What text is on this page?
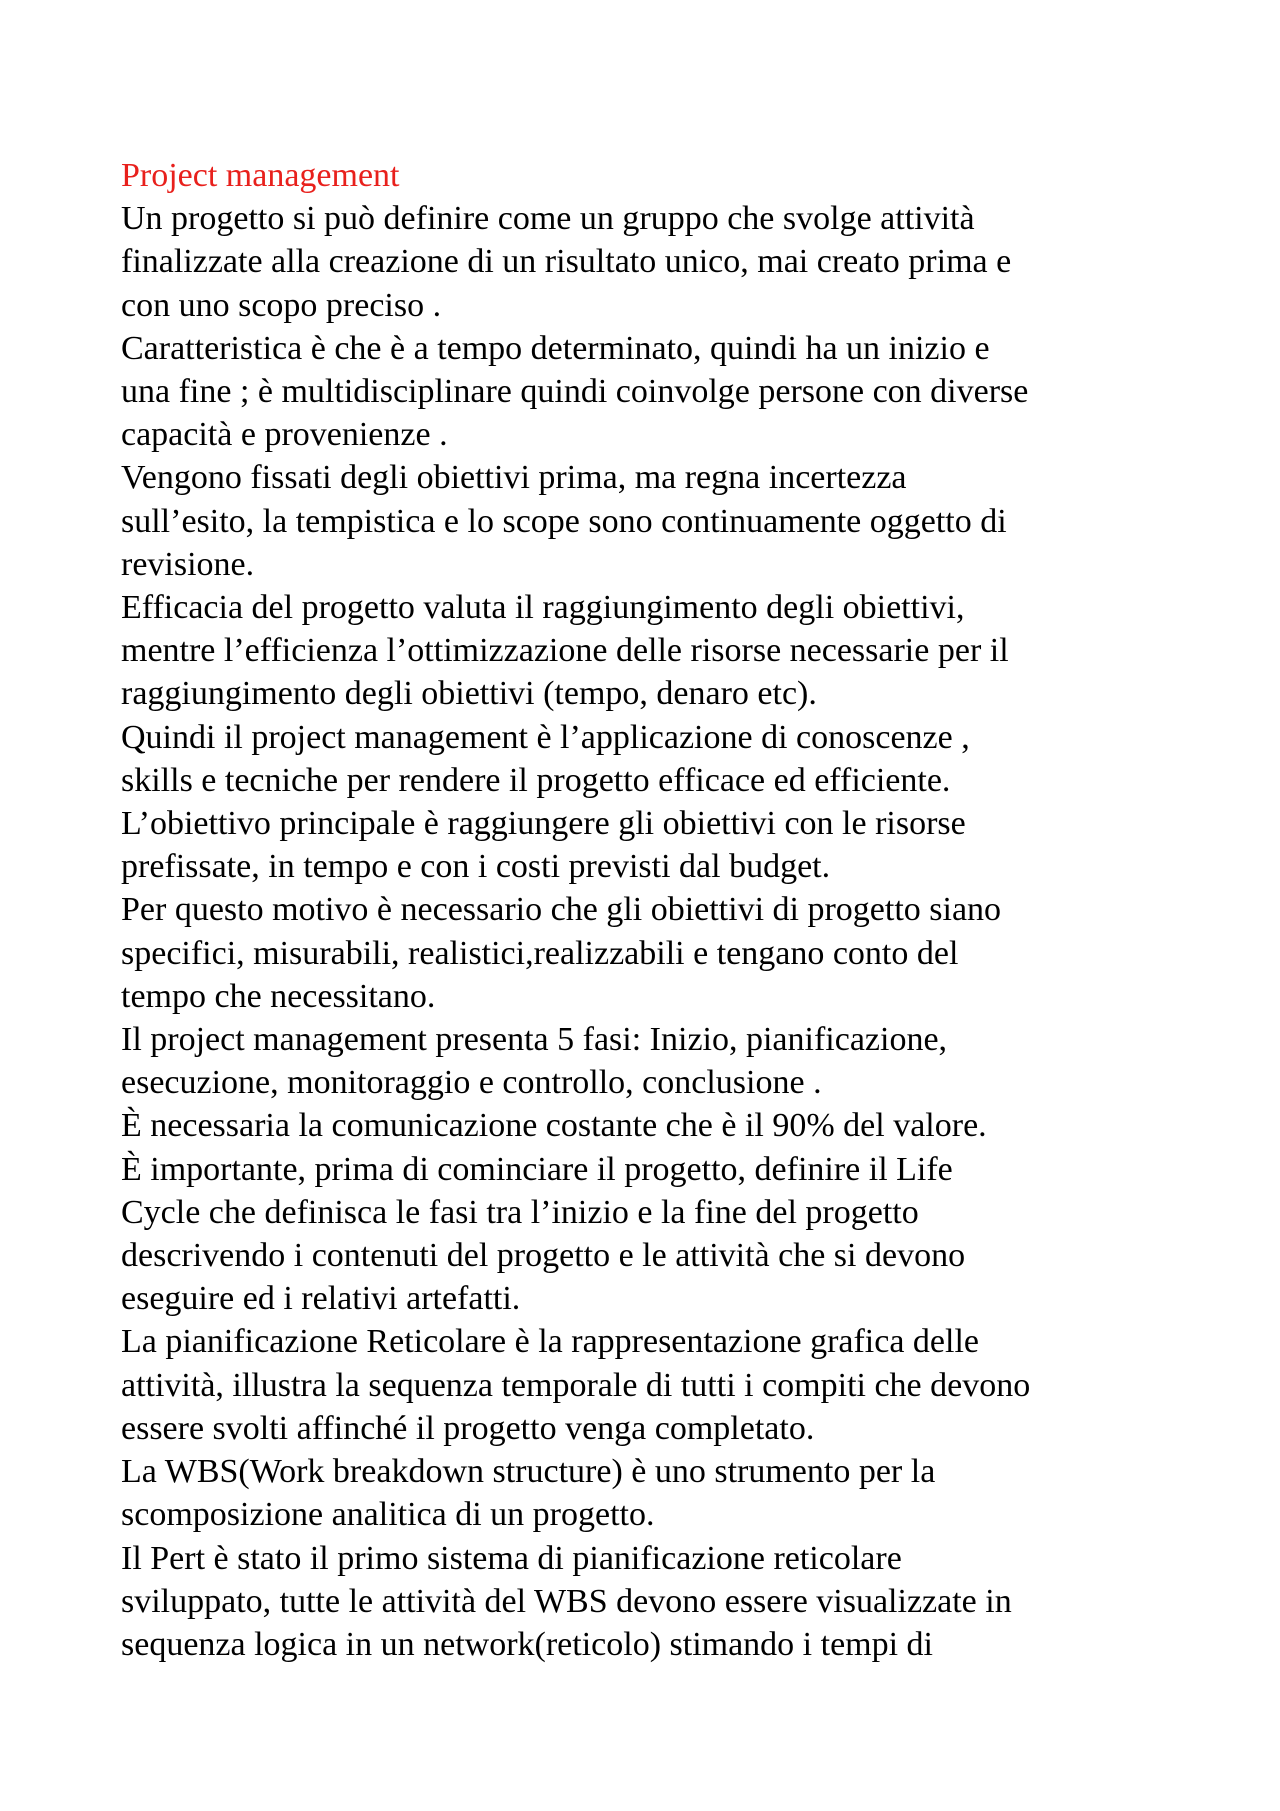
Project management

Un progetto si può definire come un gruppo che svolge attività
finalizzate alla creazione di un risultato unico, mai creato prima e
con uno scopo preciso .

Caratteristica è che è a tempo determinato, quindi ha un inizio e
una fine ; è multidisciplinare quindi coinvolge persone con diverse
capacità e provenienze .

Vengono fissati degli obiettivi prima, ma regna incertezza
sull’esito, la tempistica e lo scope sono continuamente oggetto di
revisione.

Efficacia del progetto valuta il raggiungimento degli obiettivi,
mentre l’efficienza l’ottimizzazione delle risorse necessarie per il
raggiungimento degli obiettivi (tempo, denaro etc).

Quindi il project management è l’applicazione di conoscenze ,
skills e tecniche per rendere il progetto efficace ed efficiente.

L’obiettivo principale è raggiungere gli obiettivi con le risorse
prefissate, in tempo e con i costi previsti dal budget.

Per questo motivo è necessario che gli obiettivi di progetto siano
specifici, misurabili, realistici,realizzabili e tengano conto del
tempo che necessitano.

Il project management presenta 5 fasi: Inizio, pianificazione,
esecuzione, monitoraggio e controllo, conclusione .

È necessaria la comunicazione costante che è il 90% del valore.

È importante, prima di cominciare il progetto, definire il Life
Cycle che definisca le fasi tra l’inizio e la fine del progetto
descrivendo i contenuti del progetto e le attività che si devono
eseguire ed i relativi artefatti.

La pianificazione Reticolare è la rappresentazione grafica delle
attività, illustra la sequenza temporale di tutti i compiti che devono
essere svolti affinché il progetto venga completato.

La WBS(Work breakdown structure) è uno strumento per la
scomposizione analitica di un progetto.

Il Pert è stato il primo sistema di pianificazione reticolare
sviluppato, tutte le attività del WBS devono essere visualizzate in
sequenza logica in un network(reticolo) stimando i tempi di
